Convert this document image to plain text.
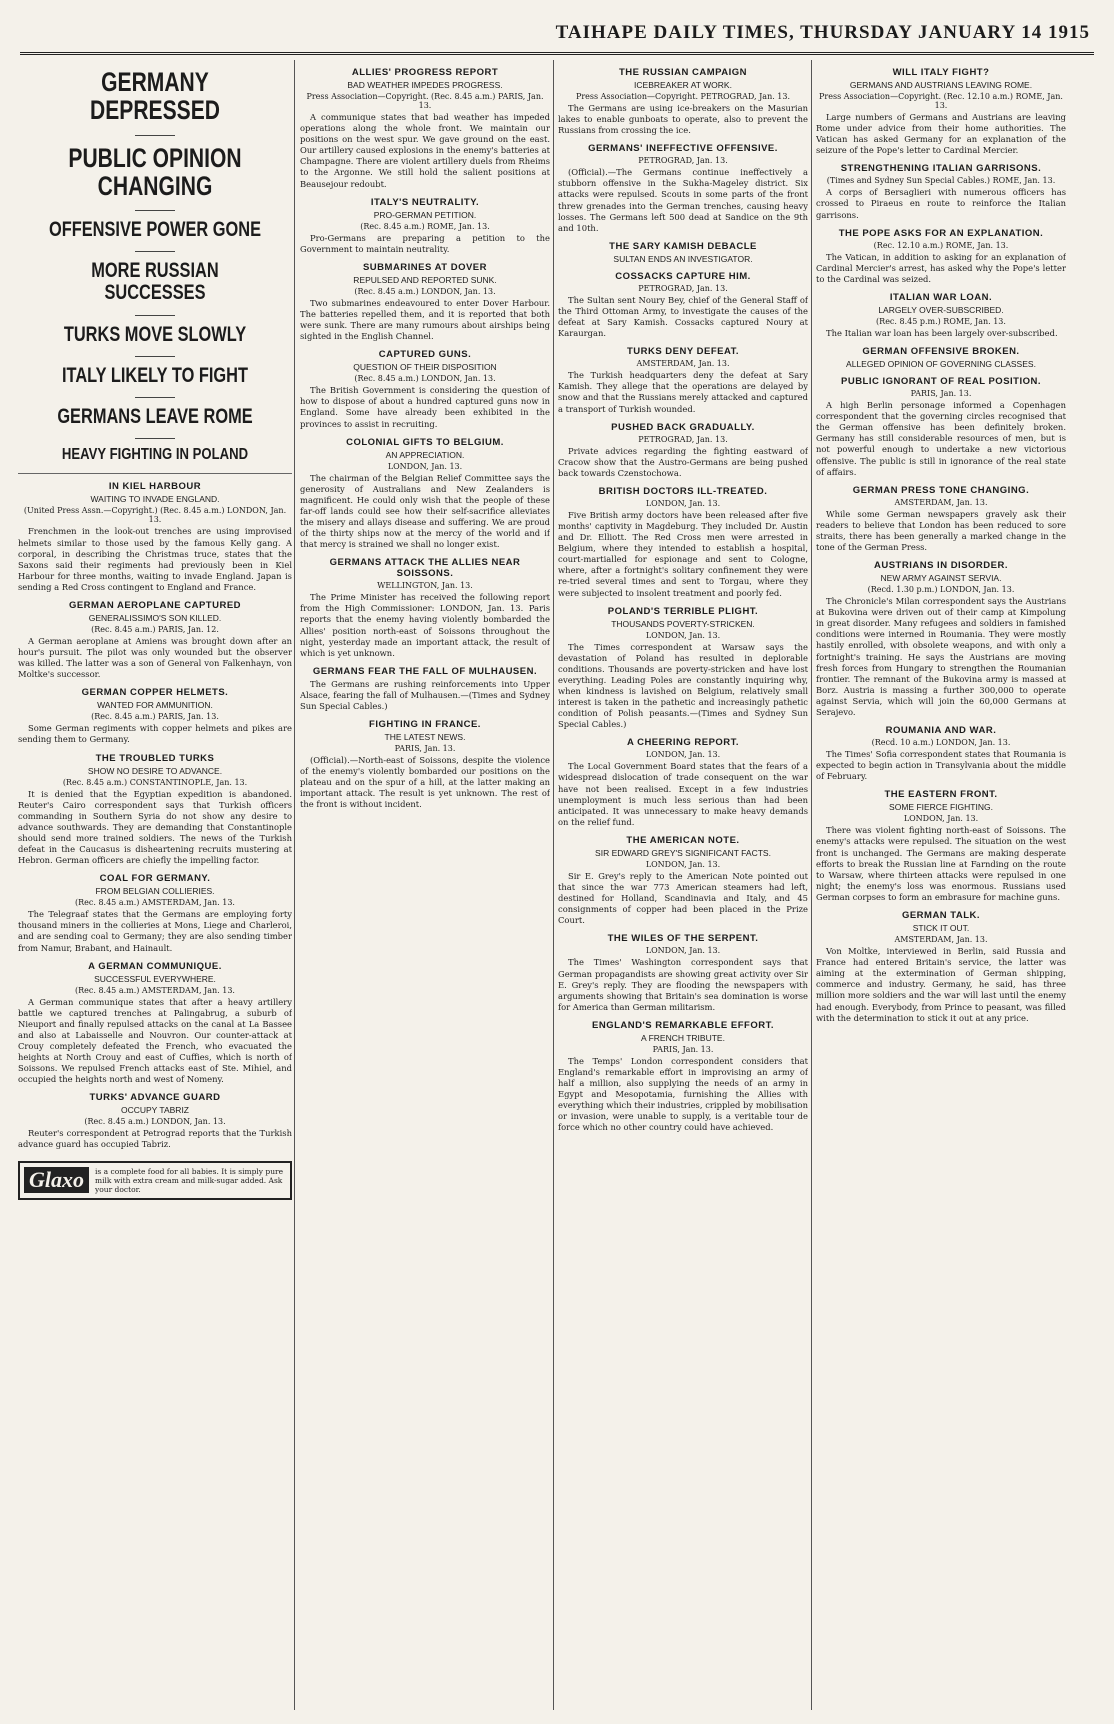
TAIHAPE DAILY TIMES, THURSDAY JANUARY 14 1915
GERMANY DEPRESSED
PUBLIC OPINION CHANGING
OFFENSIVE POWER GONE
MORE RUSSIAN SUCCESSES
TURKS MOVE SLOWLY
ITALY LIKELY TO FIGHT
GERMANS LEAVE ROME
HEAVY FIGHTING IN POLAND
IN KIEL HARBOUR
WAITING TO INVADE ENGLAND.
(United Press Assn.—Copyright.) (Rec. 8.45 a.m.) LONDON, Jan. 13.
Frenchmen in the look-out trenches are using improvised helmets similar to those used by the famous Kelly gang. A corporal, in describing the Christmas truce, states that the Saxons said their regiments had previously been in Kiel Harbour for three months, waiting to invade England. Japan is sending a Red Cross contingent to England and France.
GERMAN AEROPLANE CAPTURED
GENERALISSIMO'S SON KILLED.
(Rec. 8.45 a.m.) PARIS, Jan. 12.
A German aeroplane at Amiens was brought down after an hour's pursuit. The pilot was only wounded but the observer was killed. The latter was a son of General von Falkenhayn, von Moltke's successor.
GERMAN COPPER HELMETS.
WANTED FOR AMMUNITION.
(Rec. 8.45 a.m.) PARIS, Jan. 13.
Some German regiments with copper helmets and pikes are sending them to Germany.
THE TROUBLED TURKS
SHOW NO DESIRE TO ADVANCE.
(Rec. 8.45 a.m.) CONSTANTINOPLE, Jan. 13.
It is denied that the Egyptian expedition is abandoned. Reuter's Cairo correspondent says that Turkish officers commanding in Southern Syria do not show any desire to advance southwards. They are demanding that Constantinople should send more trained soldiers. The news of the Turkish defeat in the Caucasus is disheartening recruits mustering at Hebron. German officers are chiefly the impelling factor.
COAL FOR GERMANY.
FROM BELGIAN COLLIERIES.
(Rec. 8.45 a.m.) AMSTERDAM, Jan. 13.
The Telegraaf states that the Germans are employing forty thousand miners in the collieries at Mons, Liege and Charleroi, and are sending coal to Germany; they are also sending timber from Namur, Brabant, and Hainault.
A GERMAN COMMUNIQUE.
SUCCESSFUL EVERYWHERE.
(Rec. 8.45 a.m.) AMSTERDAM, Jan. 13.
A German communique states that after a heavy artillery battle we captured trenches at Palingabrug, a suburb of Nieuport and finally repulsed attacks on the canal at La Bassee and also at Labaisselle and Nouvron. Our counter-attack at Crouy completely defeated the French, who evacuated the heights at North Crouy and east of Cuffies, which is north of Soissons. We repulsed French attacks east of Ste. Mihiel, and occupied the heights north and west of Nomeny.
TURKS' ADVANCE GUARD
OCCUPY TABRIZ
(Rec. 8.45 a.m.) LONDON, Jan. 13.
Reuter's correspondent at Petrograd reports that the Turkish advance guard has occupied Tabriz.
Glaxo	is a complete food for all babies. It is simply pure milk with extra cream and milk-sugar added. Ask your doctor.
ALLIES' PROGRESS REPORT
BAD WEATHER IMPEDES PROGRESS.
Press Association—Copyright. (Rec. 8.45 a.m.) PARIS, Jan. 13.
A communique states that bad weather has impeded operations along the whole front. We maintain our positions on the west spur. We gave ground on the east. Our artillery caused explosions in the enemy's batteries at Champagne. There are violent artillery duels from Rheims to the Argonne. We still hold the salient positions at Beausejour redoubt.
ITALY'S NEUTRALITY.
PRO-GERMAN PETITION.
(Rec. 8.45 a.m.) ROME, Jan. 13.
Pro-Germans are preparing a petition to the Government to maintain neutrality.
SUBMARINES AT DOVER
REPULSED AND REPORTED SUNK.
(Rec. 8.45 a.m.) LONDON, Jan. 13.
Two submarines endeavoured to enter Dover Harbour. The batteries repelled them, and it is reported that both were sunk. There are many rumours about airships being sighted in the English Channel.
CAPTURED GUNS.
QUESTION OF THEIR DISPOSITION
(Rec. 8.45 a.m.) LONDON, Jan. 13.
The British Government is considering the question of how to dispose of about a hundred captured guns now in England. Some have already been exhibited in the provinces to assist in recruiting.
COLONIAL GIFTS TO BELGIUM.
AN APPRECIATION.
LONDON, Jan. 13.
The chairman of the Belgian Relief Committee says the generosity of Australians and New Zealanders is magnificent. He could only wish that the people of these far-off lands could see how their self-sacrifice alleviates the misery and allays disease and suffering. We are proud of the thirty ships now at the mercy of the world and if that mercy is strained we shall no longer exist.
GERMANS ATTACK THE ALLIES NEAR SOISSONS.
WELLINGTON, Jan. 13.
The Prime Minister has received the following report from the High Commissioner: LONDON, Jan. 13. Paris reports that the enemy having violently bombarded the Allies' position north-east of Soissons throughout the night, yesterday made an important attack, the result of which is yet unknown.
GERMANS FEAR THE FALL OF MULHAUSEN.
The Germans are rushing reinforcements into Upper Alsace, fearing the fall of Mulhausen.—(Times and Sydney Sun Special Cables.)
FIGHTING IN FRANCE.
THE LATEST NEWS.
PARIS, Jan. 13.
(Official).—North-east of Soissons, despite the violence of the enemy's violently bombarded our positions on the plateau and on the spur of a hill, at the latter making an important attack. The result is yet unknown. The rest of the front is without incident.
THE RUSSIAN CAMPAIGN
ICEBREAKER AT WORK.
Press Association—Copyright. PETROGRAD, Jan. 13.
The Germans are using ice-breakers on the Masurian lakes to enable gunboats to operate, also to prevent the Russians from crossing the ice.
GERMANS' INEFFECTIVE OFFENSIVE.
PETROGRAD, Jan. 13.
(Official).—The Germans continue ineffectively a stubborn offensive in the Sukha-Mageley district. Six attacks were repulsed. Scouts in some parts of the front threw grenades into the German trenches, causing heavy losses. The Germans left 500 dead at Sandice on the 9th and 10th.
THE SARY KAMISH DEBACLE
SULTAN ENDS AN INVESTIGATOR.
COSSACKS CAPTURE HIM.
PETROGRAD, Jan. 13.
The Sultan sent Noury Bey, chief of the General Staff of the Third Ottoman Army, to investigate the causes of the defeat at Sary Kamish. Cossacks captured Noury at Karaurgan.
TURKS DENY DEFEAT.
AMSTERDAM, Jan. 13.
The Turkish headquarters deny the defeat at Sary Kamish. They allege that the operations are delayed by snow and that the Russians merely attacked and captured a transport of Turkish wounded.
PUSHED BACK GRADUALLY.
PETROGRAD, Jan. 13.
Private advices regarding the fighting eastward of Cracow show that the Austro-Germans are being pushed back towards Czenstochowa.
BRITISH DOCTORS ILL-TREATED.
LONDON, Jan. 13.
Five British army doctors have been released after five months' captivity in Magdeburg. They included Dr. Austin and Dr. Elliott. The Red Cross men were arrested in Belgium, where they intended to establish a hospital, court-martialled for espionage and sent to Cologne, where, after a fortnight's solitary confinement they were re-tried several times and sent to Torgau, where they were subjected to insolent treatment and poorly fed.
POLAND'S TERRIBLE PLIGHT.
THOUSANDS POVERTY-STRICKEN.
LONDON, Jan. 13.
The Times correspondent at Warsaw says the devastation of Poland has resulted in deplorable conditions. Thousands are poverty-stricken and have lost everything. Leading Poles are constantly inquiring why, when kindness is lavished on Belgium, relatively small interest is taken in the pathetic and increasingly pathetic condition of Polish peasants.—(Times and Sydney Sun Special Cables.)
A CHEERING REPORT.
LONDON, Jan. 13.
The Local Government Board states that the fears of a widespread dislocation of trade consequent on the war have not been realised. Except in a few industries unemployment is much less serious than had been anticipated. It was unnecessary to make heavy demands on the relief fund.
THE AMERICAN NOTE.
SIR EDWARD GREY'S SIGNIFICANT FACTS.
LONDON, Jan. 13.
Sir E. Grey's reply to the American Note pointed out that since the war 773 American steamers had left, destined for Holland, Scandinavia and Italy, and 45 consignments of copper had been placed in the Prize Court.
THE WILES OF THE SERPENT.
LONDON, Jan. 13.
The Times' Washington correspondent says that German propagandists are showing great activity over Sir E. Grey's reply. They are flooding the newspapers with arguments showing that Britain's sea domination is worse for America than German militarism.
ENGLAND'S REMARKABLE EFFORT.
A FRENCH TRIBUTE.
PARIS, Jan. 13.
The Temps' London correspondent considers that England's remarkable effort in improvising an army of half a million, also supplying the needs of an army in Egypt and Mesopotamia, furnishing the Allies with everything which their industries, crippled by mobilisation or invasion, were unable to supply, is a veritable tour de force which no other country could have achieved.
WILL ITALY FIGHT?
GERMANS AND AUSTRIANS LEAVING ROME.
Press Association—Copyright. (Rec. 12.10 a.m.) ROME, Jan. 13.
Large numbers of Germans and Austrians are leaving Rome under advice from their home authorities. The Vatican has asked Germany for an explanation of the seizure of the Pope's letter to Cardinal Mercier.
STRENGTHENING ITALIAN GARRISONS.
(Times and Sydney Sun Special Cables.) ROME, Jan. 13.
A corps of Bersaglieri with numerous officers has crossed to Piraeus en route to reinforce the Italian garrisons.
THE POPE ASKS FOR AN EXPLANATION.
(Rec. 12.10 a.m.) ROME, Jan. 13.
The Vatican, in addition to asking for an explanation of Cardinal Mercier's arrest, has asked why the Pope's letter to the Cardinal was seized.
ITALIAN WAR LOAN.
LARGELY OVER-SUBSCRIBED.
(Rec. 8.45 p.m.) ROME, Jan. 13.
The Italian war loan has been largely over-subscribed.
GERMAN OFFENSIVE BROKEN.
ALLEGED OPINION OF GOVERNING CLASSES.
PUBLIC IGNORANT OF REAL POSITION.
PARIS, Jan. 13.
A high Berlin personage informed a Copenhagen correspondent that the governing circles recognised that the German offensive has been definitely broken. Germany has still considerable resources of men, but is not powerful enough to undertake a new victorious offensive. The public is still in ignorance of the real state of affairs.
GERMAN PRESS TONE CHANGING.
AMSTERDAM, Jan. 13.
While some German newspapers gravely ask their readers to believe that London has been reduced to sore straits, there has been generally a marked change in the tone of the German Press.
AUSTRIANS IN DISORDER.
NEW ARMY AGAINST SERVIA.
(Recd. 1.30 p.m.) LONDON, Jan. 13.
The Chronicle's Milan correspondent says the Austrians at Bukovina were driven out of their camp at Kimpolung in great disorder. Many refugees and soldiers in famished conditions were interned in Roumania. They were mostly hastily enrolled, with obsolete weapons, and with only a fortnight's training. He says the Austrians are moving fresh forces from Hungary to strengthen the Roumanian frontier. The remnant of the Bukovina army is massed at Borz. Austria is massing a further 300,000 to operate against Servia, which will join the 60,000 Germans at Serajevo.
ROUMANIA AND WAR.
(Recd. 10 a.m.) LONDON, Jan. 13.
The Times' Sofia correspondent states that Roumania is expected to begin action in Transylvania about the middle of February.
THE EASTERN FRONT.
SOME FIERCE FIGHTING.
LONDON, Jan. 13.
There was violent fighting north-east of Soissons. The enemy's attacks were repulsed. The situation on the west front is unchanged. The Germans are making desperate efforts to break the Russian line at Farnding on the route to Warsaw, where thirteen attacks were repulsed in one night; the enemy's loss was enormous. Russians used German corpses to form an embrasure for machine guns.
GERMAN TALK.
STICK IT OUT.
AMSTERDAM, Jan. 13.
Von Moltke, interviewed in Berlin, said Russia and France had entered Britain's service, the latter was aiming at the extermination of German shipping, commerce and industry. Germany, he said, has three million more soldiers and the war will last until the enemy had enough. Everybody, from Prince to peasant, was filled with the determination to stick it out at any price.
